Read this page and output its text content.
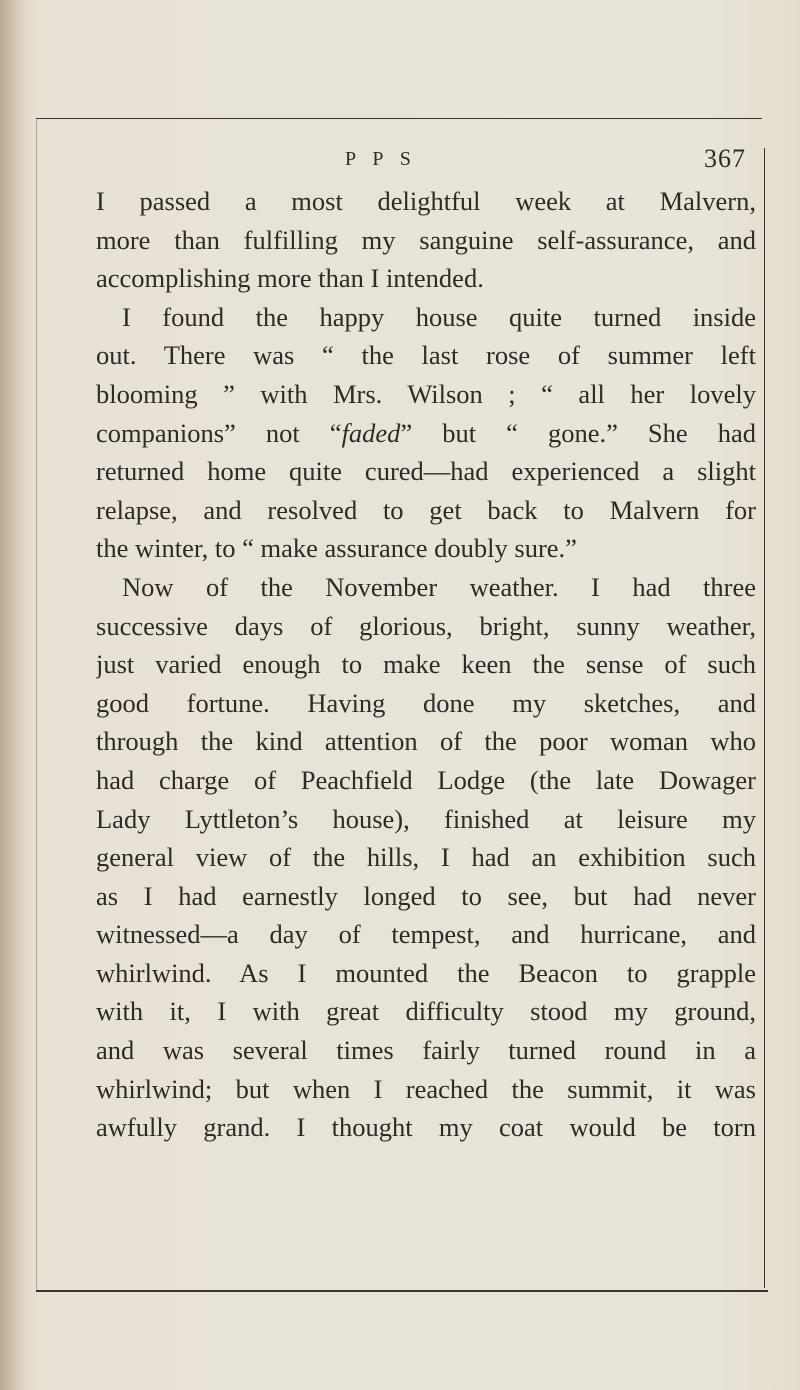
P P S	367
I passed a most delightful week at Malvern,
more than fulfilling my sanguine self-assurance, and
accomplishing more than I intended.
I found the happy house quite turned inside
out. There was “ the last rose of summer left
blooming ” with Mrs. Wilson ; “ all her lovely
companions” not “faded” but “ gone.” She had
returned home quite cured—had experienced a slight
relapse, and resolved to get back to Malvern for
the winter, to “ make assurance doubly sure.”
Now of the November weather. I had three
successive days of glorious, bright, sunny weather,
just varied enough to make keen the sense of such
good fortune. Having done my sketches, and
through the kind attention of the poor woman who
had charge of Peachfield Lodge (the late Dowager
Lady Lyttleton’s house), finished at leisure my
general view of the hills, I had an exhibition such
as I had earnestly longed to see, but had never
witnessed—a day of tempest, and hurricane, and
whirlwind. As I mounted the Beacon to grapple
with it, I with great difficulty stood my ground,
and was several times fairly turned round in a
whirlwind; but when I reached the summit, it was
awfully grand. I thought my coat would be torn
